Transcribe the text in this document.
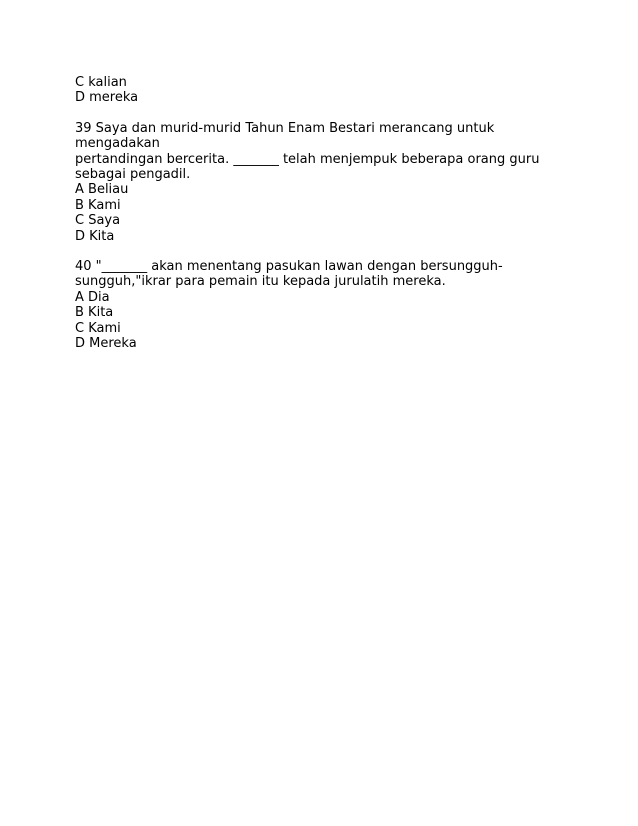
C kalian
D mereka
39 Saya dan murid-murid Tahun Enam Bestari merancang untuk
mengadakan
pertandingan bercerita. _______ telah menjempuk beberapa orang guru
sebagai pengadil.
A Beliau
B Kami
C Saya
D Kita
40 "_______ akan menentang pasukan lawan dengan bersungguh-
sungguh,"ikrar para pemain itu kepada jurulatih mereka.
A Dia
B Kita
C Kami
D Mereka
